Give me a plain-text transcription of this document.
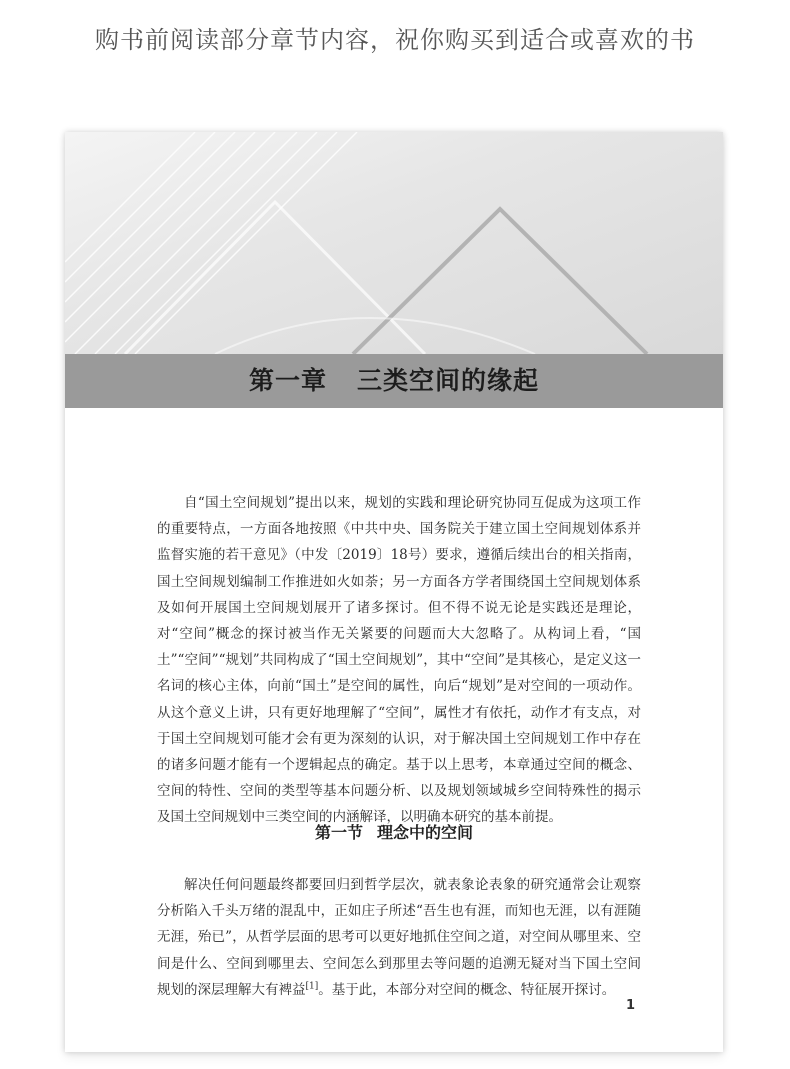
购书前阅读部分章节内容，祝你购买到适合或喜欢的书
第一章 三类空间的缘起

自“国土空间规划”提出以来，规划的实践和理论研究协同互促成为这项工作的重要特点，一方面各地按照《中共中央、国务院关于建立国土空间规划体系并监督实施的若干意见》（中发〔2019〕18号）要求，遵循后续出台的相关指南，国土空间规划编制工作推进如火如荼；另一方面各方学者围绕国土空间规划体系及如何开展国土空间规划展开了诸多探讨。但不得不说无论是实践还是理论，对“空间”概念的探讨被当作无关紧要的问题而大大忽略了。从构词上看，“国土”“空间”“规划”共同构成了“国土空间规划”，其中“空间”是其核心，是定义这一名词的核心主体，向前“国土”是空间的属性，向后“规划”是对空间的一项动作。从这个意义上讲，只有更好地理解了“空间”，属性才有依托，动作才有支点，对于国土空间规划可能才会有更为深刻的认识，对于解决国土空间规划工作中存在的诸多问题才能有一个逻辑起点的确定。基于以上思考，本章通过空间的概念、空间的特性、空间的类型等基本问题分析、以及规划领域城乡空间特殊性的揭示及国土空间规划中三类空间的内涵解译，以明确本研究的基本前提。

第一节 理念中的空间

解决任何问题最终都要回归到哲学层次，就表象论表象的研究通常会让观察分析陷入千头万绪的混乱中，正如庄子所述“吾生也有涯，而知也无涯，以有涯随无涯，殆已”，从哲学层面的思考可以更好地抓住空间之道，对空间从哪里来、空间是什么、空间到哪里去、空间怎么到那里去等问题的追溯无疑对当下国土空间规划的深层理解大有裨益[1]。基于此，本部分对空间的概念、特征展开探讨。

1
